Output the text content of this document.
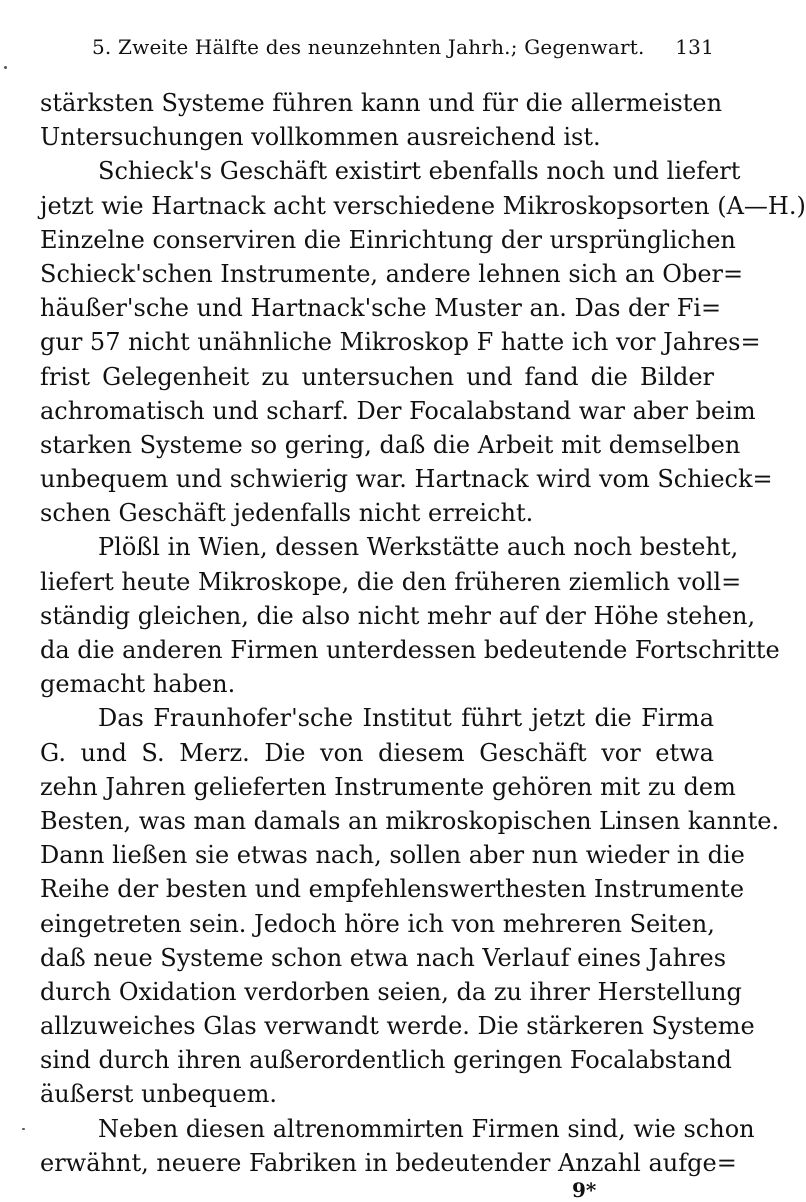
5. Zweite Hälfte des neunzehnten Jahrh.; Gegenwart. 131
stärksten Systeme führen kann und für die allermeisten
Untersuchungen vollkommen ausreichend ist.
Schieck's Geschäft existirt ebenfalls noch und liefert
jetzt wie Hartnack acht verschiedene Mikroskopsorten (A—H.)
Einzelne conserviren die Einrichtung der ursprünglichen
Schieck'schen Instrumente, andere lehnen sich an Ober=
häußer'sche und Hartnack'sche Muster an. Das der Fi=
gur 57 nicht unähnliche Mikroskop F hatte ich vor Jahres=
frist Gelegenheit zu untersuchen und fand die Bilder
achromatisch und scharf. Der Focalabstand war aber beim
starken Systeme so gering, daß die Arbeit mit demselben
unbequem und schwierig war. Hartnack wird vom Schieck=
schen Geschäft jedenfalls nicht erreicht.
Plößl in Wien, dessen Werkstätte auch noch besteht,
liefert heute Mikroskope, die den früheren ziemlich voll=
ständig gleichen, die also nicht mehr auf der Höhe stehen,
da die anderen Firmen unterdessen bedeutende Fortschritte
gemacht haben.
Das Fraunhofer'sche Institut führt jetzt die Firma
G. und S. Merz. Die von diesem Geschäft vor etwa
zehn Jahren gelieferten Instrumente gehören mit zu dem
Besten, was man damals an mikroskopischen Linsen kannte.
Dann ließen sie etwas nach, sollen aber nun wieder in die
Reihe der besten und empfehlenswerthesten Instrumente
eingetreten sein. Jedoch höre ich von mehreren Seiten,
daß neue Systeme schon etwa nach Verlauf eines Jahres
durch Oxidation verdorben seien, da zu ihrer Herstellung
allzuweiches Glas verwandt werde. Die stärkeren Systeme
sind durch ihren außerordentlich geringen Focalabstand
äußerst unbequem.
Neben diesen altrenommirten Firmen sind, wie schon
erwähnt, neuere Fabriken in bedeutender Anzahl aufge=
9*
